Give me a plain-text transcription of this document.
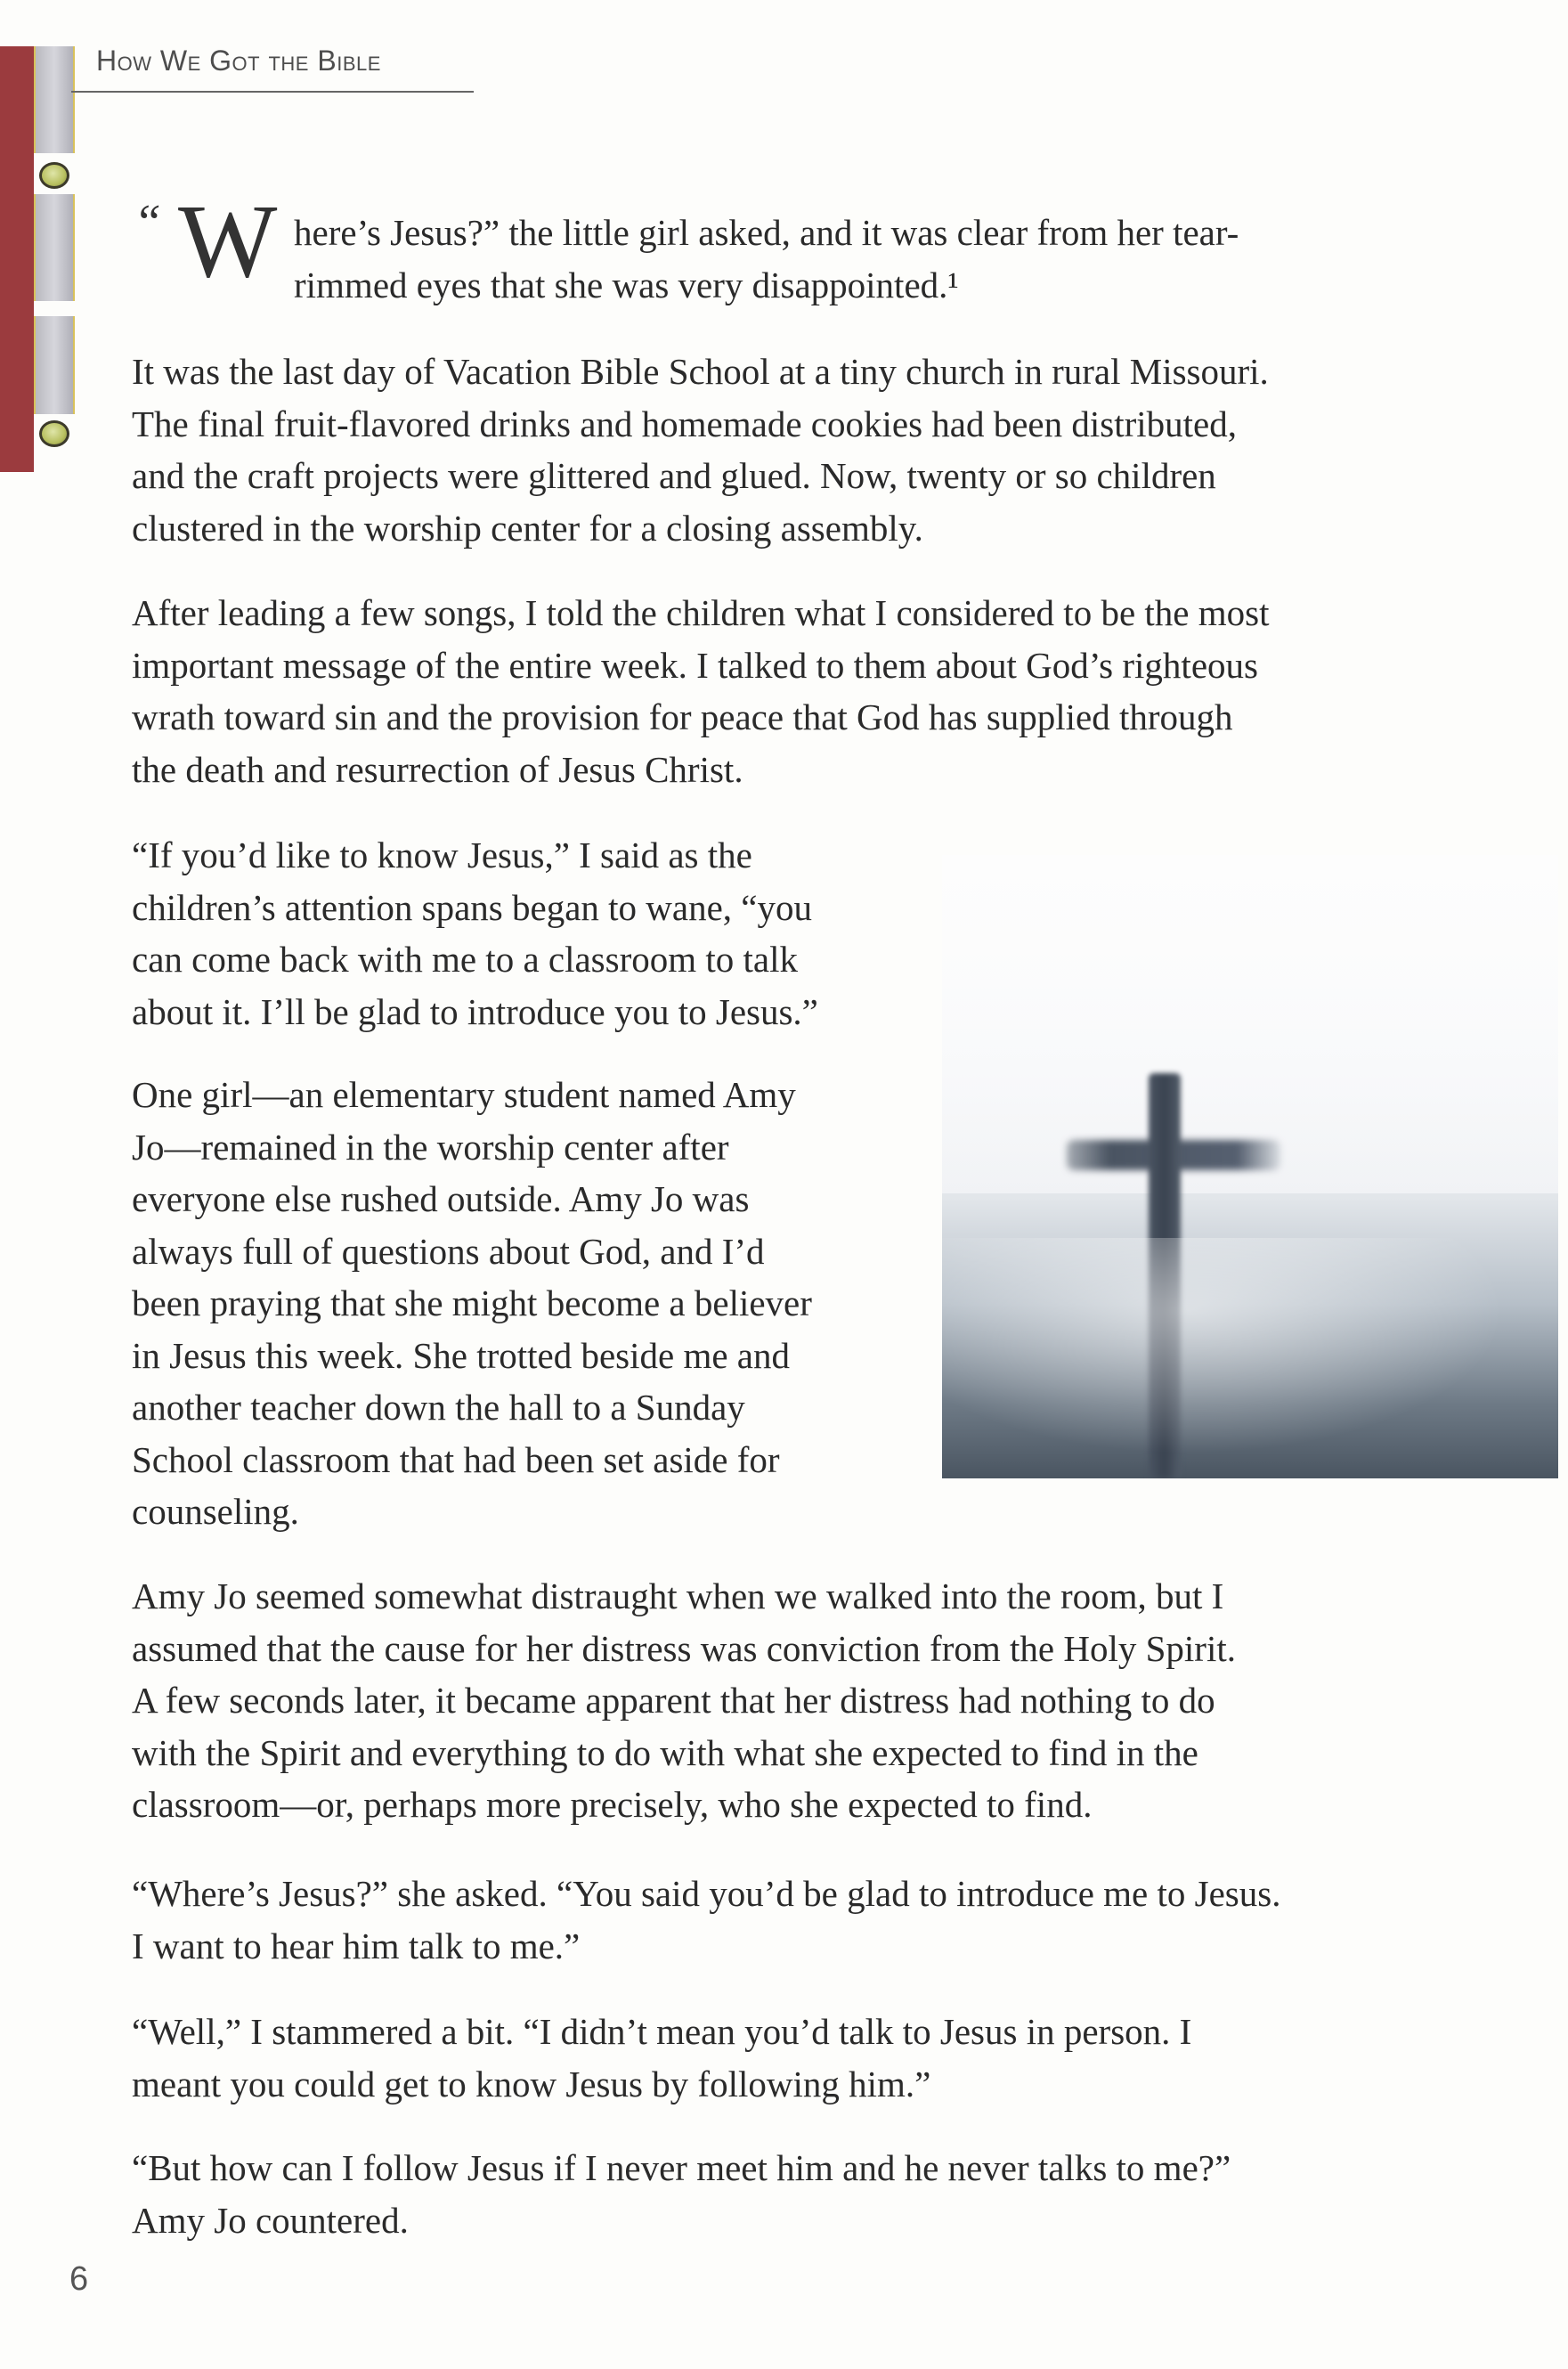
How We Got the Bible
“ W here’s Jesus?” the little girl asked, and it was clear from her tear-
rimmed eyes that she was very disappointed.¹
It was the last day of Vacation Bible School at a tiny church in rural Missouri.
The final fruit-flavored drinks and homemade cookies had been distributed,
and the craft projects were glittered and glued. Now, twenty or so children
clustered in the worship center for a closing assembly.
After leading a few songs, I told the children what I considered to be the most
important message of the entire week. I talked to them about God’s righteous
wrath toward sin and the provision for peace that God has supplied through
the death and resurrection of Jesus Christ.
“If you’d like to know Jesus,” I said as the
children’s attention spans began to wane, “you
can come back with me to a classroom to talk
about it. I’ll be glad to introduce you to Jesus.”
One girl—an elementary student named Amy
Jo—remained in the worship center after
everyone else rushed outside. Amy Jo was
always full of questions about God, and I’d
been praying that she might become a believer
in Jesus this week. She trotted beside me and
another teacher down the hall to a Sunday
School classroom that had been set aside for
counseling.
Amy Jo seemed somewhat distraught when we walked into the room, but I
assumed that the cause for her distress was conviction from the Holy Spirit.
A few seconds later, it became apparent that her distress had nothing to do
with the Spirit and everything to do with what she expected to find in the
classroom—or, perhaps more precisely, who she expected to find.
“Where’s Jesus?” she asked. “You said you’d be glad to introduce me to Jesus.
I want to hear him talk to me.”
“Well,” I stammered a bit. “I didn’t mean you’d talk to Jesus in person. I
meant you could get to know Jesus by following him.”
“But how can I follow Jesus if I never meet him and he never talks to me?”
Amy Jo countered.
6
